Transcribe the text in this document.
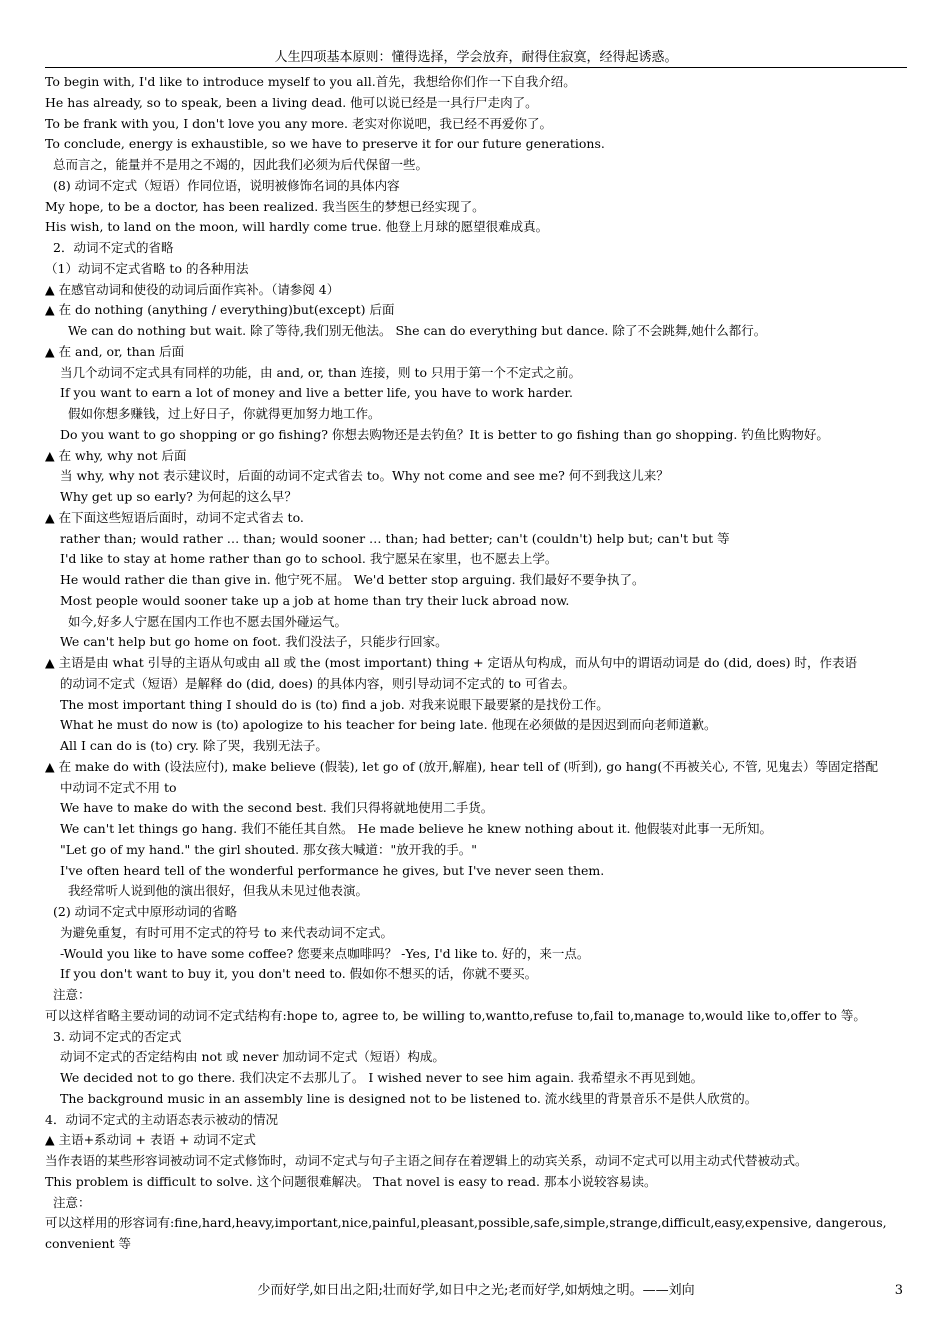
人生四项基本原则：懂得选择，学会放弃，耐得住寂寞，经得起诱惑。
To begin with, I'd like to introduce myself to you all.首先，我想给你们作一下自我介绍。
He has already, so to speak, been a living dead. 他可以说已经是一具行尸走肉了。
To be frank with you, I don't love you any more. 老实对你说吧，我已经不再爱你了。
To conclude, energy is exhaustible, so we have to preserve it for our future generations.
总而言之，能量并不是用之不竭的，因此我们必须为后代保留一些。
(8) 动词不定式（短语）作同位语，说明被修饰名词的具体内容
My hope, to be a doctor, has been realized. 我当医生的梦想已经实现了。
His wish, to land on the moon, will hardly come true. 他登上月球的愿望很难成真。
2．动词不定式的省略
（1）动词不定式省略 to 的各种用法
▲ 在感官动词和使役的动词后面作宾补。（请参阅 4）
▲ 在 do nothing (anything / everything)but(except) 后面
We can do nothing but wait. 除了等待,我们别无他法。 She can do everything but dance. 除了不会跳舞,她什么都行。
▲ 在 and, or, than 后面
当几个动词不定式具有同样的功能，由 and, or, than 连接，则 to 只用于第一个不定式之前。
If you want to earn a lot of money and live a better life, you have to work harder.
假如你想多赚钱，过上好日子，你就得更加努力地工作。
Do you want to go shopping or go fishing? 你想去购物还是去钓鱼？It is better to go fishing than go shopping. 钓鱼比购物好。
▲ 在 why, why not 后面
当 why, why not 表示建议时，后面的动词不定式省去 to。Why not come and see me? 何不到我这儿来？
Why get up so early? 为何起的这么早？
▲ 在下面这些短语后面时，动词不定式省去 to.
rather than; would rather … than; would sooner … than; had better; can't (couldn't) help but; can't but 等
I'd like to stay at home rather than go to school. 我宁愿呆在家里，也不愿去上学。
He would rather die than give in. 他宁死不屈。 We'd better stop arguing. 我们最好不要争执了。
Most people would sooner take up a job at home than try their luck abroad now.
如今,好多人宁愿在国内工作也不愿去国外碰运气。
We can't help but go home on foot. 我们没法子，只能步行回家。
▲ 主语是由 what 引导的主语从句或由 all 或 the (most important) thing + 定语从句构成，而从句中的谓语动词是 do (did, does) 时，作表语
的动词不定式（短语）是解释 do (did, does) 的具体内容，则引导动词不定式的 to 可省去。
The most important thing I should do is (to) find a job. 对我来说眼下最要紧的是找份工作。
What he must do now is (to) apologize to his teacher for being late. 他现在必须做的是因迟到而向老师道歉。
All I can do is (to) cry. 除了哭，我别无法子。
▲ 在 make do with (设法应付), make believe (假装), let go of (放开,解雇), hear tell of (听到), go hang(不再被关心, 不管, 见鬼去）等固定搭配
中动词不定式不用 to
We have to make do with the second best. 我们只得将就地使用二手货。
We can't let things go hang. 我们不能任其自然。 He made believe he knew nothing about it. 他假装对此事一无所知。
"Let go of my hand." the girl shouted. 那女孩大喊道："放开我的手。"
I've often heard tell of the wonderful performance he gives, but I've never seen them.
我经常听人说到他的演出很好，但我从未见过他表演。
(2) 动词不定式中原形动词的省略
为避免重复，有时可用不定式的符号 to 来代表动词不定式。
-Would you like to have some coffee? 您要来点咖啡吗？ -Yes, I'd like to. 好的，来一点。
If you don't want to buy it, you don't need to. 假如你不想买的话，你就不要买。
注意：
可以这样省略主要动词的动词不定式结构有:hope to, agree to, be willing to,wantto,refuse to,fail to,manage to,would like to,offer to 等。
3. 动词不定式的否定式
动词不定式的否定结构由 not 或 never 加动词不定式（短语）构成。
We decided not to go there. 我们决定不去那儿了。 I wished never to see him again. 我希望永不再见到她。
The background music in an assembly line is designed not to be listened to. 流水线里的背景音乐不是供人欣赏的。
4．动词不定式的主动语态表示被动的情况
▲ 主语+系动词 + 表语 + 动词不定式
当作表语的某些形容词被动词不定式修饰时，动词不定式与句子主语之间存在着逻辑上的动宾关系，动词不定式可以用主动式代替被动式。
This problem is difficult to solve. 这个问题很难解决。 That novel is easy to read. 那本小说较容易读。
注意：
可以这样用的形容词有:fine,hard,heavy,important,nice,painful,pleasant,possible,safe,simple,strange,difficult,easy,expensive, dangerous,
convenient 等
少而好学,如日出之阳;壮而好学,如日中之光;老而好学,如炳烛之明。——刘向	3
